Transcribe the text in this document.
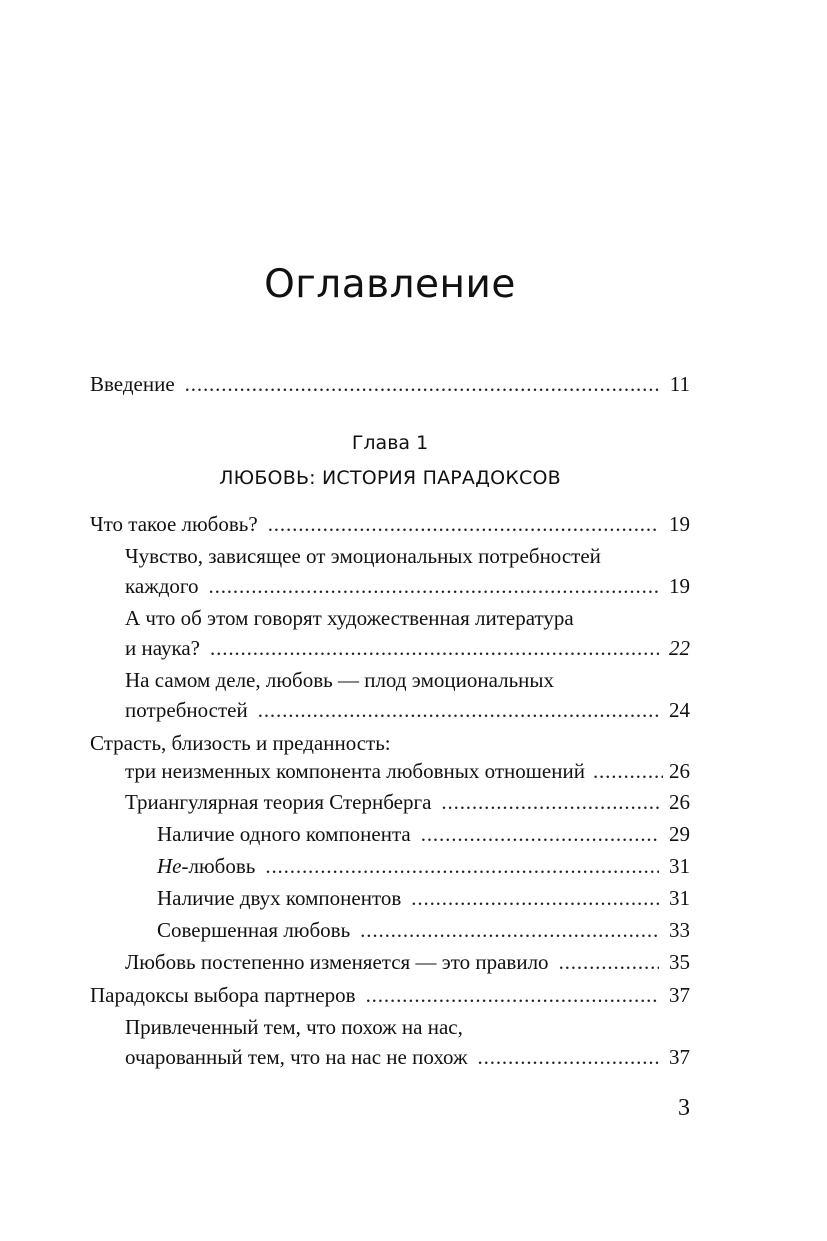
Оглавление
Введение . . .	11
Глава 1
ЛЮБОВЬ: ИСТОРИЯ ПАРАДОКСОВ
Что такое любовь? . . .	19
Чувство, зависящее от эмоциональных потребностей
каждого . . .	19
А что об этом говорят художественная литература
и наука? . . .	22
На самом деле, любовь — плод эмоциональных
потребностей . . .	24
Страсть, близость и преданность:
три неизменных компонента любовных отношений . . .	26
Триангулярная теория Стернберга . . .	26
Наличие одного компонента . . .	29
Не-любовь . . .	31
Наличие двух компонентов . . .	31
Совершенная любовь . . .	33
Любовь постепенно изменяется — это правило . . .	35
Парадоксы выбора партнеров . . .	37
Привлеченный тем, что похож на нас,
очарованный тем, что на нас не похож . . .	37
3
